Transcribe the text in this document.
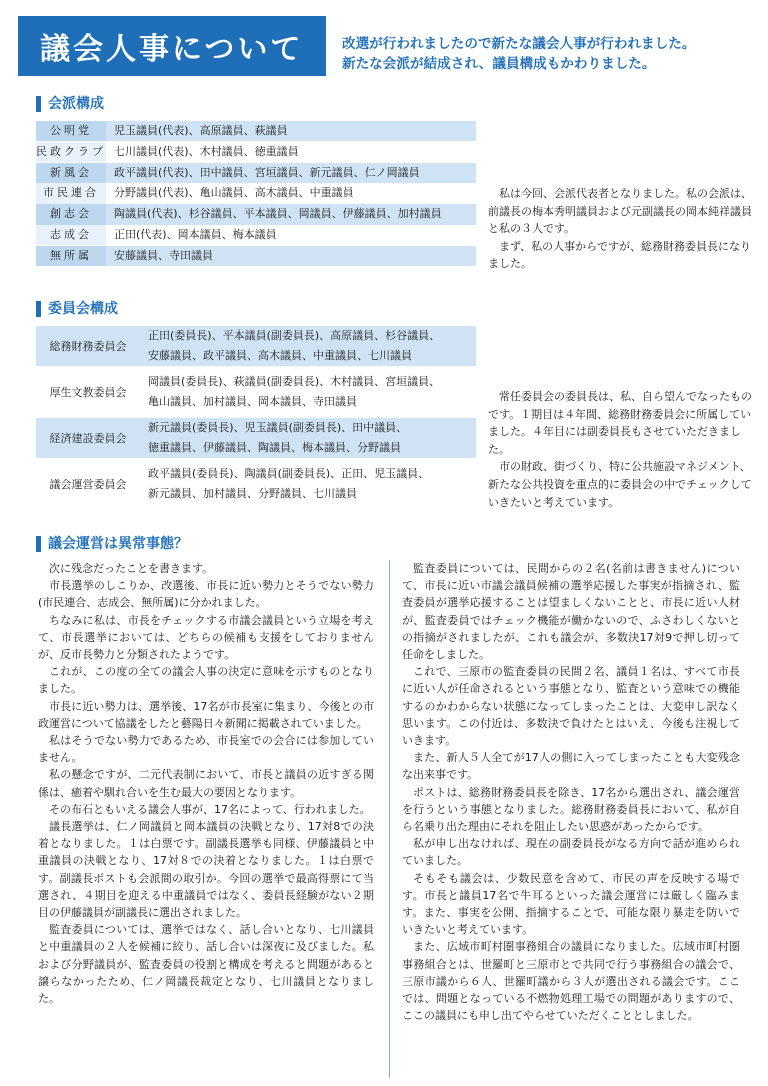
議会人事について	改選が行われましたので新たな議会人事が行われました。
新たな会派が結成され、議員構成もかわりました。
会派構成
公明党	児玉議員(代表)、高原議員、萩議員
民政クラブ 七川議員(代表)、木村議員、徳重議員
新風会	政平議員(代表)、田中議員、宮垣議員、新元議員、仁ノ岡議員
市民連合	分野議員(代表)、亀山議員、高木議員、中重議員
創志会	陶議員(代表)、杉谷議員、平本議員、岡議員、伊藤議員、加村議員
志成会	正田(代表)、岡本議員、梅本議員
無所属	安藤議員、寺田議員

私は今回、会派代表者となりました。私の会派は、前議長の梅本秀明議員および元副議長の岡本純祥議員と私の３人です。

まず、私の人事からですが、総務財務委員長になりました。

委員会構成
総務財務委員会
正田(委員長)、平本議員(副委員長)、高原議員、杉谷議員、
安藤議員、政平議員、高木議員、中重議員、七川議員
厚生文教委員会
岡議員(委員長)、萩議員(副委員長)、木村議員、宮垣議員、
亀山議員、加村議員、岡本議員、寺田議員
経済建設委員会
新元議員(委員長)、児玉議員(副委員長)、田中議員、
徳重議員、伊藤議員、陶議員、梅本議員、分野議員
議会運営委員会
政平議員(委員長)、陶議員(副委員長)、正田、児玉議員、
新元議員、加村議員、分野議員、七川議員

常任委員会の委員長は、私、自ら望んでなったものです。１期目は４年間、総務財務委員会に所属していました。４年目には副委員長もさせていただきました。

市の財政、街づくり、特に公共施設マネジメント、新たな公共投資を重点的に委員会の中でチェックしていきたいと考えています。

議会運営は異常事態？

次に残念だったことを書きます。

市長選挙のしこりか、改選後、市長に近い勢力とそうでない勢力(市民連合、志成会、無所属)に分かれました。

ちなみに私は、市長をチェックする市議会議員という立場を考えて、市長選挙においては、どちらの候補も支援をしておりませんが、反市長勢力と分類されたようです。

これが、この度の全ての議会人事の決定に意味を示すものとなりました。

市長に近い勢力は、選挙後、17名が市長室に集まり、今後との市政運営について協議をしたと藝陽日々新聞に掲載されていました。

私はそうでない勢力であるため、市長室での会合には参加していません。

私の懸念ですが、二元代表制において、市長と議員の近すぎる関係は、癒着や馴れ合いを生む最大の要因となります。

その布石ともいえる議会人事が、17名によって、行われました。

議長選挙は、仁ノ岡議員と岡本議員の決戦となり、17対8での決着となりました。１は白票です。副議長選挙も同様、伊藤議員と中重議員の決戦となり、17対８での決着となりました。１は白票です。副議長ポストも会派間の取引か。今回の選挙で最高得票にて当選され、４期目を迎える中重議員ではなく、委員長経験がない２期目の伊藤議員が副議長に選出されました。

監査委員については、選挙ではなく、話し合いとなり、七川議員と中重議員の２人を候補に絞り、話し合いは深夜に及びました。私および分野議員が、監査委員の役割と構成を考えると問題があると譲らなかったため、仁ノ岡議長裁定となり、七川議員となりました。

監査委員については、民間からの２名(名前は書きません)について、市長に近い市議会議員候補の選挙応援した事実が指摘され、監査委員が選挙応援することは望ましくないことと、市長に近い人材が、監査委員ではチェック機能が働かないので、ふさわしくないとの指摘がされましたが、これも議会が、多数決17対9で押し切って任命をしました。

これで、三原市の監査委員の民間２名、議員１名は、すべて市長に近い人が任命されるという事態となり、監査という意味での機能するのかわからない状態になってしまったことは、大変申し訳なく思います。この付近は、多数決で負けたとはいえ、今後も注視していきます。

また、新人５人全てが17人の側に入ってしまったことも大変残念な出来事です。

ポストは、総務財務委員長を除き、17名から選出され、議会運営を行うという事態となりました。総務財務委員長において、私が自ら名乗り出た理由にそれを阻止したい思惑があったからです。

私が申し出なければ、現在の副委員長がなる方向で話が進められていました。

そもそも議会は、少数民意を含めて、市民の声を反映する場です。市長と議員17名で牛耳るといった議会運営には厳しく臨みます。また、事実を公開、指摘することで、可能な限り暴走を防いでいきたいと考えています。

また、広域市町村圏事務組合の議員になりました。広域市町村圏事務組合とは、世羅町と三原市とで共同で行う事務組合の議会で、三原市議から６人、世羅町議から３人が選出される議会です。ここでは、問題となっている不燃物処理工場での問題がありますので、ここの議員にも申し出てやらせていただくこととしました。
